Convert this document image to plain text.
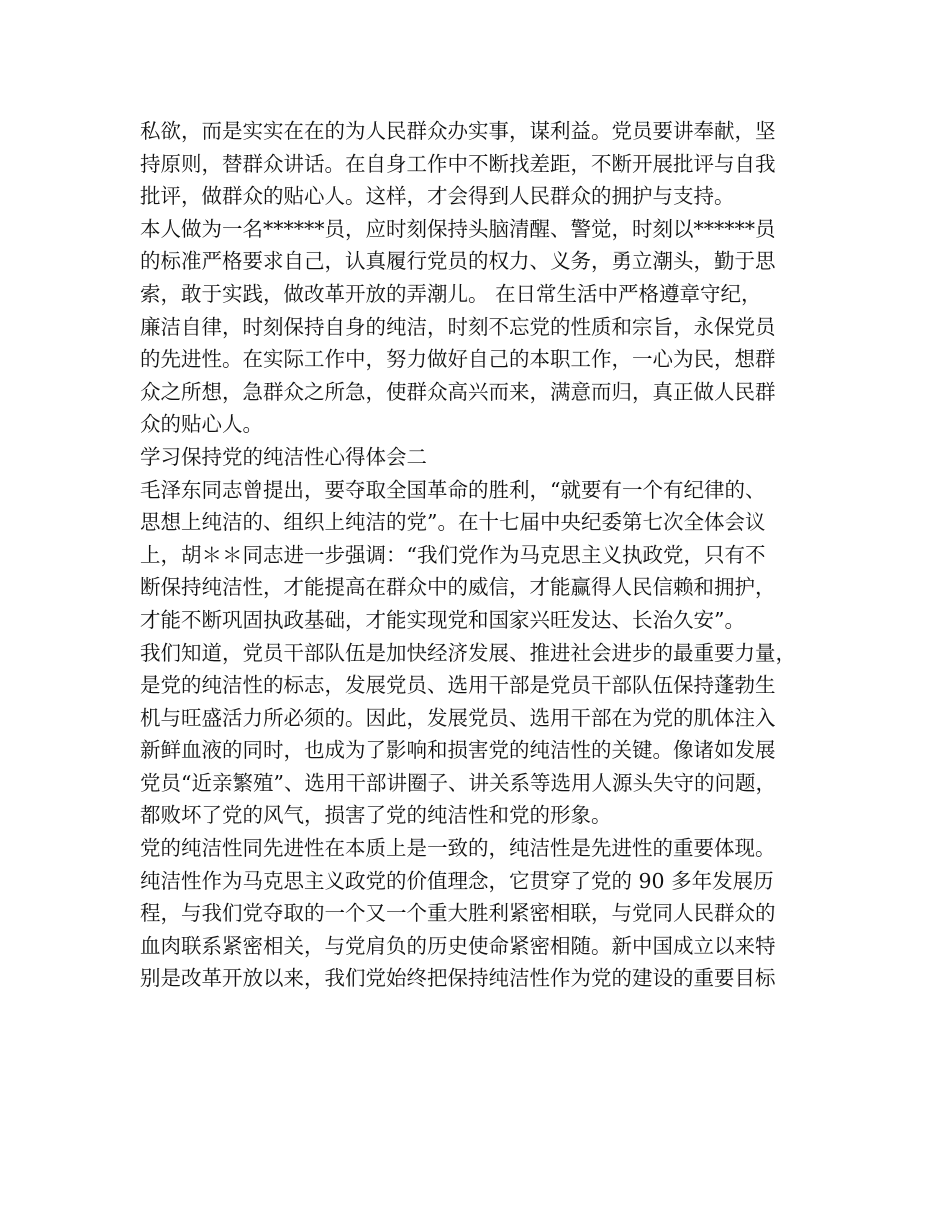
私欲，而是实实在在的为人民群众办实事，谋利益。党员要讲奉献，坚
持原则，替群众讲话。在自身工作中不断找差距，不断开展批评与自我
批评，做群众的贴心人。这样，才会得到人民群众的拥护与支持。
本人做为一名******员，应时刻保持头脑清醒、警觉，时刻以******员
的标准严格要求自己，认真履行党员的权力、义务，勇立潮头，勤于思
索，敢于实践，做改革开放的弄潮儿。 在日常生活中严格遵章守纪，
廉洁自律，时刻保持自身的纯洁，时刻不忘党的性质和宗旨，永保党员
的先进性。在实际工作中，努力做好自己的本职工作，一心为民，想群
众之所想，急群众之所急，使群众高兴而来，满意而归，真正做人民群
众的贴心人。
学习保持党的纯洁性心得体会二
毛泽东同志曾提出，要夺取全国革命的胜利，“就要有一个有纪律的、
思想上纯洁的、组织上纯洁的党”。在十七届中央纪委第七次全体会议
上，胡＊＊同志进一步强调：“我们党作为马克思主义执政党，只有不
断保持纯洁性，才能提高在群众中的威信，才能赢得人民信赖和拥护，
才能不断巩固执政基础，才能实现党和国家兴旺发达、长治久安”。
我们知道，党员干部队伍是加快经济发展、推进社会进步的最重要力量，
是党的纯洁性的标志，发展党员、选用干部是党员干部队伍保持蓬勃生
机与旺盛活力所必须的。因此，发展党员、选用干部在为党的肌体注入
新鲜血液的同时，也成为了影响和损害党的纯洁性的关键。像诸如发展
党员“近亲繁殖”、选用干部讲圈子、讲关系等选用人源头失守的问题，
都败坏了党的风气，损害了党的纯洁性和党的形象。
党的纯洁性同先进性在本质上是一致的，纯洁性是先进性的重要体现。
纯洁性作为马克思主义政党的价值理念，它贯穿了党的 90 多年发展历
程，与我们党夺取的一个又一个重大胜利紧密相联，与党同人民群众的
血肉联系紧密相关，与党肩负的历史使命紧密相随。新中国成立以来特
别是改革开放以来，我们党始终把保持纯洁性作为党的建设的重要目标
